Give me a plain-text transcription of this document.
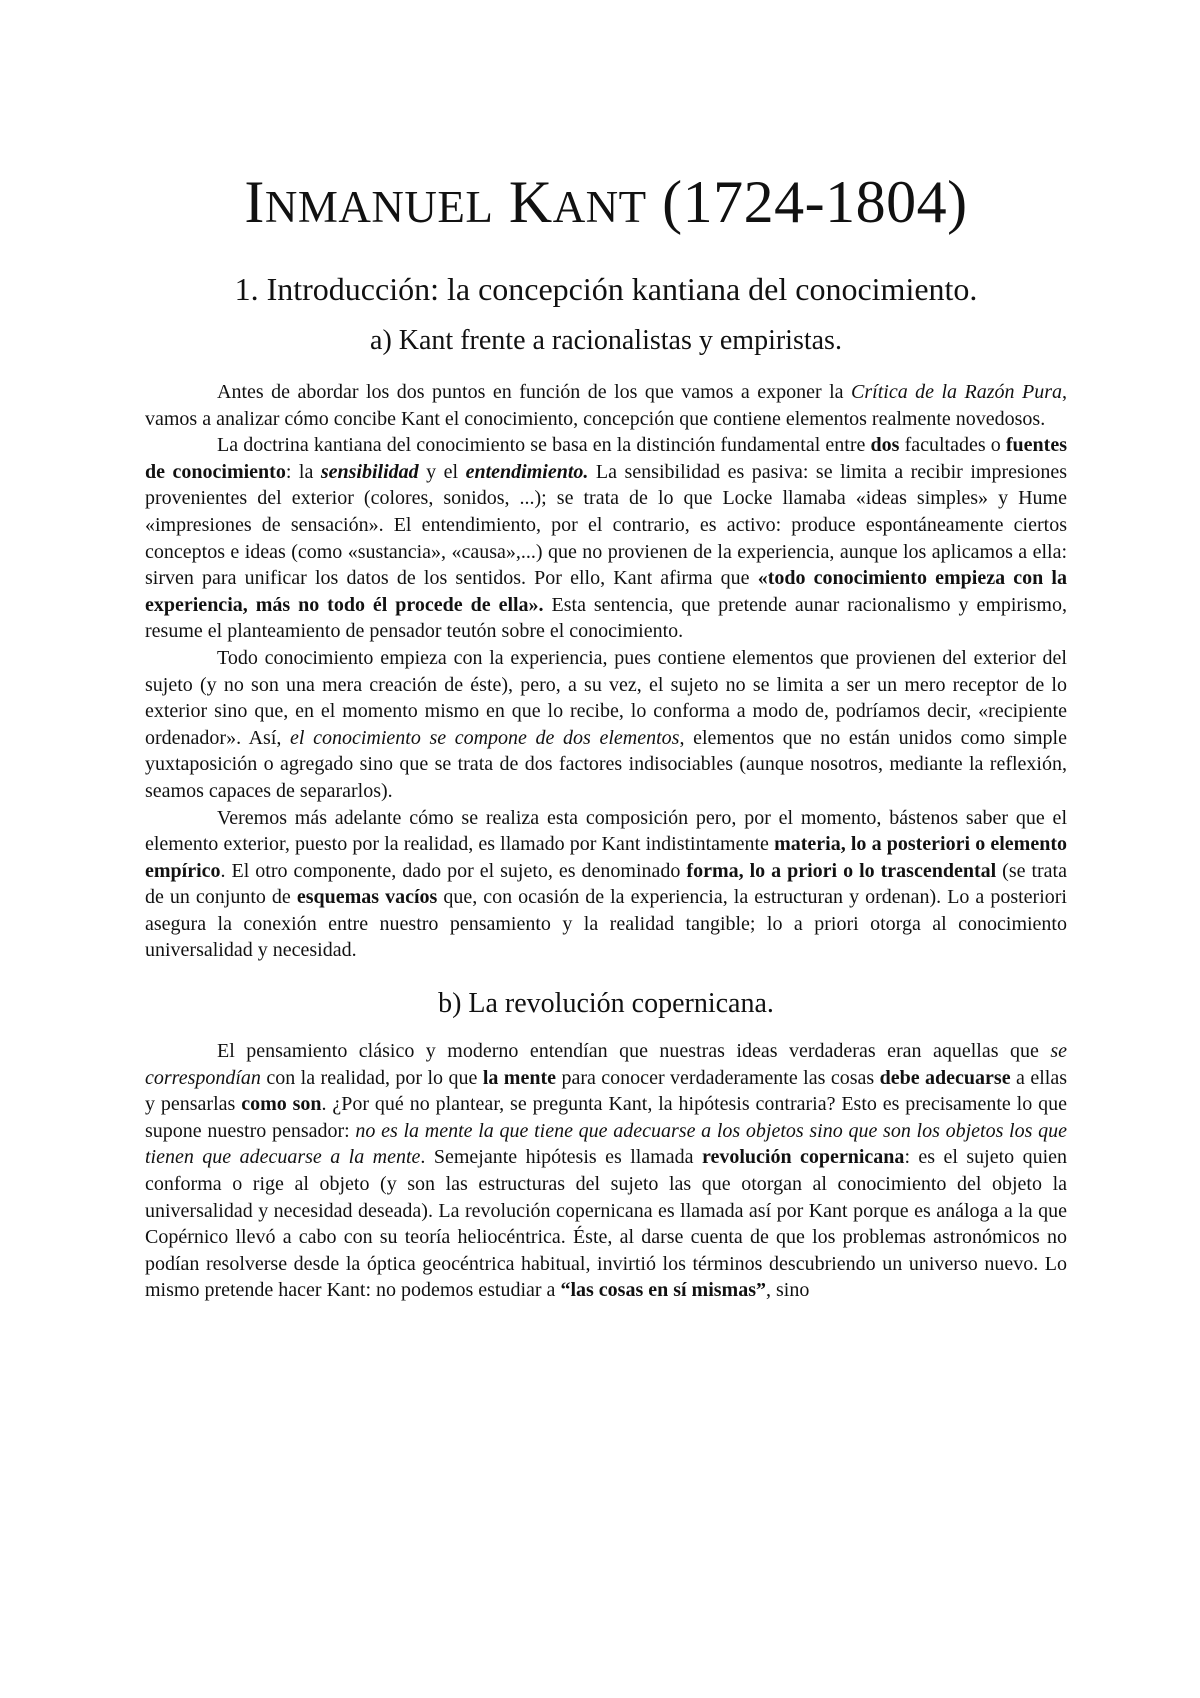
INMANUEL KANT (1724-1804)
1. Introducción: la concepción kantiana del conocimiento.
a) Kant frente a racionalistas y empiristas.

Antes de abordar los dos puntos en función de los que vamos a exponer la Crítica de la Razón Pura, vamos a analizar cómo concibe Kant el conocimiento, concepción que contiene elementos realmente novedosos.

La doctrina kantiana del conocimiento se basa en la distinción fundamental entre dos facultades o fuentes de conocimiento: la sensibilidad y el entendimiento. La sensibilidad es pasiva: se limita a recibir impresiones provenientes del exterior (colores, sonidos, ...); se trata de lo que Locke llamaba «ideas simples» y Hume «impresiones de sensación». El entendimiento, por el contrario, es activo: produce espontáneamente ciertos conceptos e ideas (como «sustancia», «causa»,...) que no provienen de la experiencia, aunque los aplicamos a ella: sirven para unificar los datos de los sentidos. Por ello, Kant afirma que «todo conocimiento empieza con la experiencia, más no todo él procede de ella». Esta sentencia, que pretende aunar racionalismo y empirismo, resume el planteamiento de pensador teutón sobre el conocimiento.

Todo conocimiento empieza con la experiencia, pues contiene elementos que provienen del exterior del sujeto (y no son una mera creación de éste), pero, a su vez, el sujeto no se limita a ser un mero receptor de lo exterior sino que, en el momento mismo en que lo recibe, lo conforma a modo de, podríamos decir, «recipiente ordenador». Así, el conocimiento se compone de dos elementos, elementos que no están unidos como simple yuxtaposición o agregado sino que se trata de dos factores indisociables (aunque nosotros, mediante la reflexión, seamos capaces de separarlos).

Veremos más adelante cómo se realiza esta composición pero, por el momento, bástenos saber que el elemento exterior, puesto por la realidad, es llamado por Kant indistintamente materia, lo a posteriori o elemento empírico. El otro componente, dado por el sujeto, es denominado forma, lo a priori o lo trascendental (se trata de un conjunto de esquemas vacíos que, con ocasión de la experiencia, la estructuran y ordenan). Lo a posteriori asegura la conexión entre nuestro pensamiento y la realidad tangible; lo a priori otorga al conocimiento universalidad y necesidad.

b) La revolución copernicana.

El pensamiento clásico y moderno entendían que nuestras ideas verdaderas eran aquellas que se correspondían con la realidad, por lo que la mente para conocer verdaderamente las cosas debe adecuarse a ellas y pensarlas como son. ¿Por qué no plantear, se pregunta Kant, la hipótesis contraria? Esto es precisamente lo que supone nuestro pensador: no es la mente la que tiene que adecuarse a los objetos sino que son los objetos los que tienen que adecuarse a la mente. Semejante hipótesis es llamada revolución copernicana: es el sujeto quien conforma o rige al objeto (y son las estructuras del sujeto las que otorgan al conocimiento del objeto la universalidad y necesidad deseada). La revolución copernicana es llamada así por Kant porque es análoga a la que Copérnico llevó a cabo con su teoría heliocéntrica. Éste, al darse cuenta de que los problemas astronómicos no podían resolverse desde la óptica geocéntrica habitual, invirtió los términos descubriendo un universo nuevo. Lo mismo pretende hacer Kant: no podemos estudiar a “las cosas en sí mismas”, sino
